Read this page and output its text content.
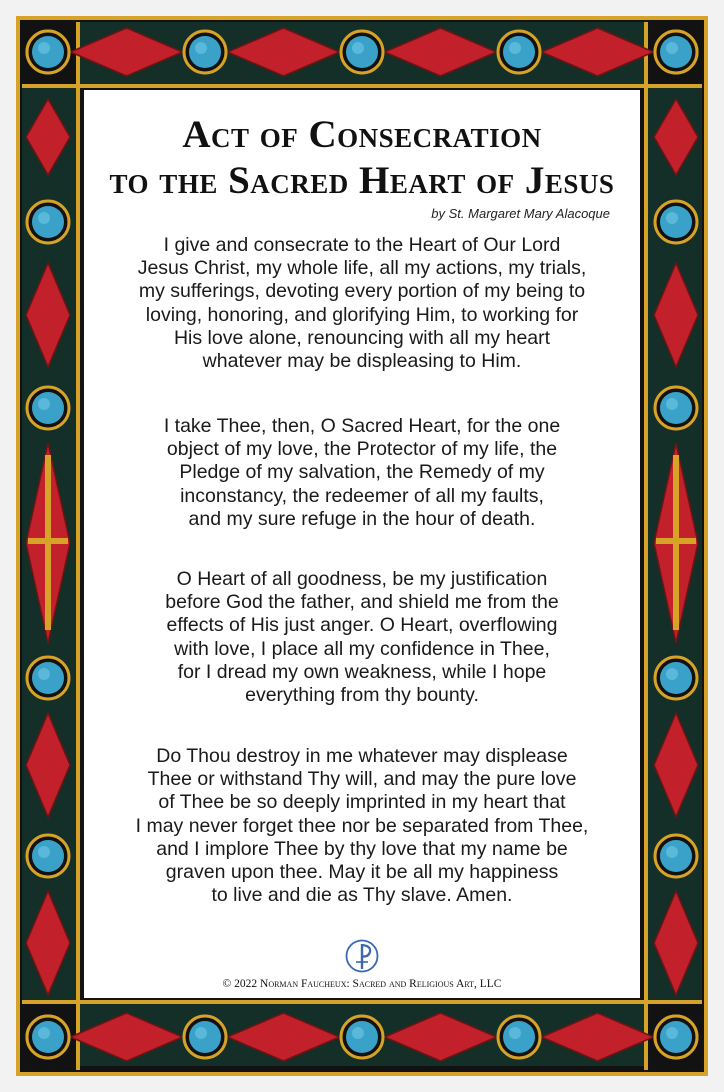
Act of Consecration
to the Sacred Heart of Jesus
by St. Margaret Mary Alacoque
I give and consecrate to the Heart of Our Lord
Jesus Christ, my whole life, all my actions, my trials,
my sufferings, devoting every portion of my being to
loving, honoring, and glorifying Him, to working for
His love alone, renouncing with all my heart
whatever may be displeasing to Him.
I take Thee, then, O Sacred Heart, for the one
object of my love, the Protector of my life, the
Pledge of my salvation, the Remedy of my
inconstancy, the redeemer of all my faults,
and my sure refuge in the hour of death.
O Heart of all goodness, be my justification
before God the father, and shield me from the
effects of His just anger. O Heart, overflowing
with love, I place all my confidence in Thee,
for I dread my own weakness, while I hope
everything from thy bounty.
Do Thou destroy in me whatever may displease
Thee or withstand Thy will, and may the pure love
of Thee be so deeply imprinted in my heart that
I may never forget thee nor be separated from Thee,
and I implore Thee by thy love that my name be
graven upon thee. May it be all my happiness
to live and die as Thy slave. Amen.
© 2022 Norman Faucheux: Sacred and Religious Art, LLC
